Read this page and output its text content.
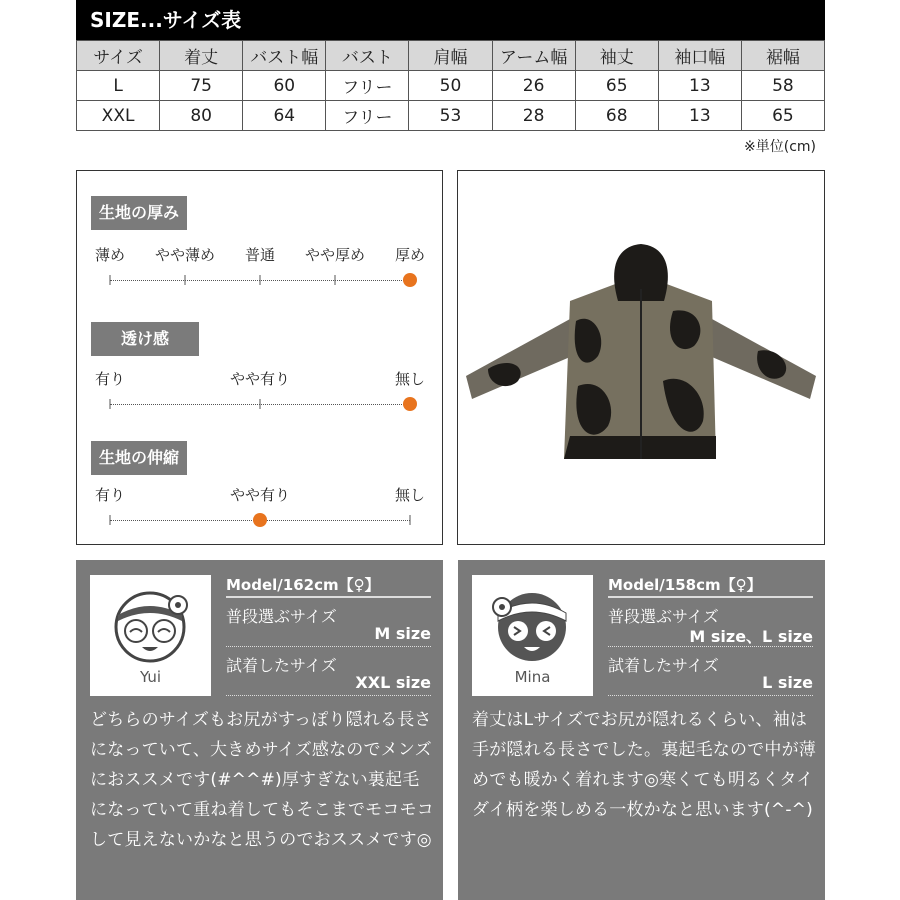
SIZE...サイズ表
サイズ	着丈	バスト幅	バスト	肩幅	アーム幅	袖丈	袖口幅	裾幅
L	75	60	フリー	50	26	65	13	58
XXL	80	64	フリー	53	28	68	13	65
※単位(cm)
生地の厚み
薄め やや薄め 普通 やや厚め 厚め
透け感
有り	やや有り	無し
生地の伸縮
有り	やや有り	無し
Yui
Model/162cm【♀】
普段選ぶサイズ
M size
試着したサイズ
XXL size
どちらのサイズもお尻がすっぽり隠れる長さになっていて、大きめサイズ感なのでメンズにおススメです(#^^#)厚すぎない裏起毛になっていて重ね着してもそこまでモコモコして見えないかなと思うのでおススメです◎
Mina
Model/158cm【♀】
普段選ぶサイズ
M size、L size
試着したサイズ
L size
着丈はLサイズでお尻が隠れるくらい、袖は手が隠れる長さでした。裏起毛なので中が薄めでも暖かく着れます◎寒くても明るくタイダイ柄を楽しめる一枚かなと思います(^-^)
